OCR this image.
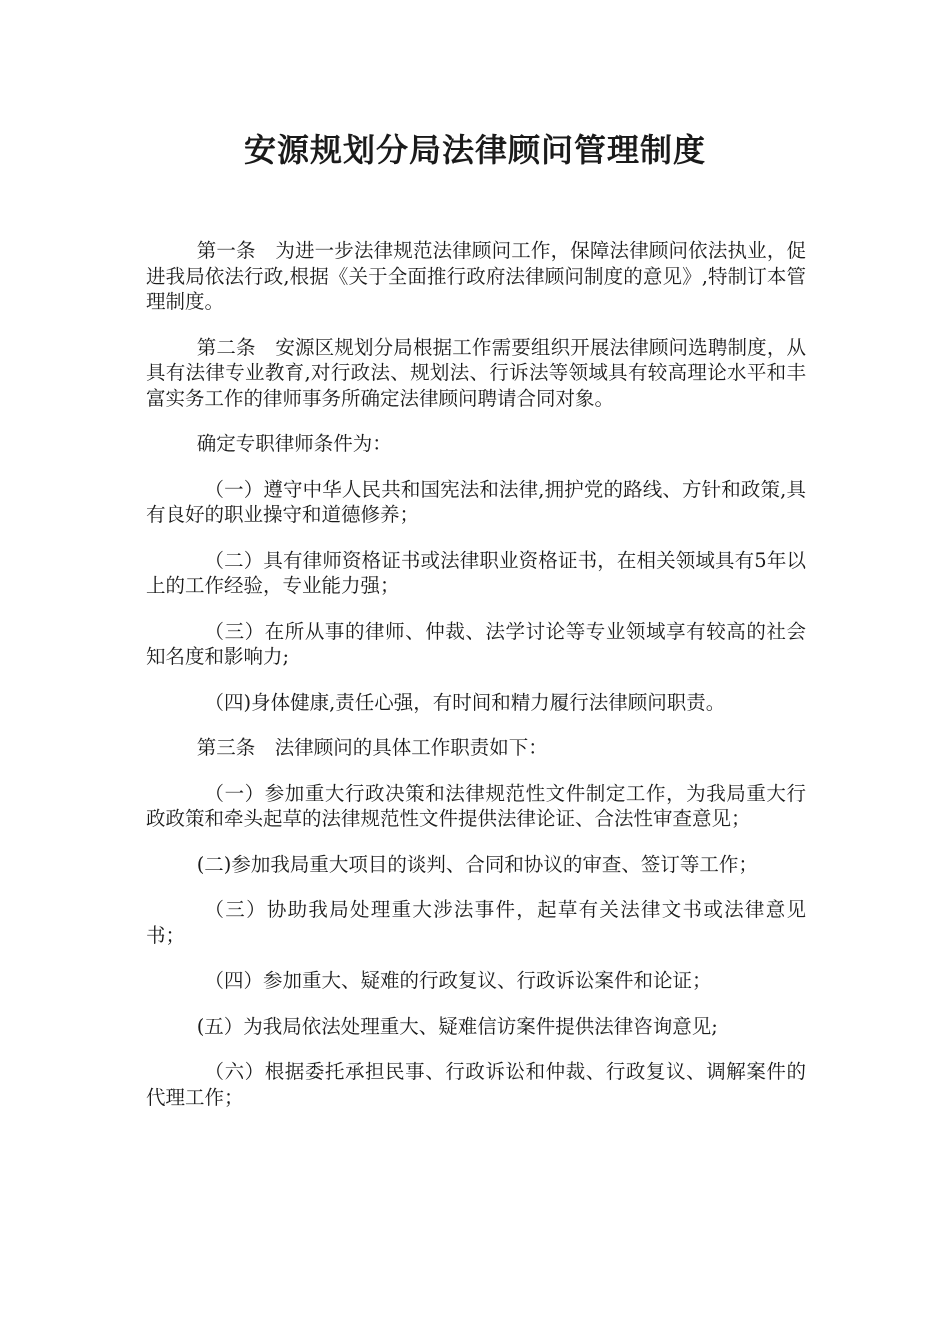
安源规划分局法律顾问管理制度

第一条　为进一步法律规范法律顾问工作，保障法律顾问依法执业，促进我局依法行政,根据《关于全面推行政府法律顾问制度的意见》,特制订本管理制度。

第二条　安源区规划分局根据工作需要组织开展法律顾问选聘制度，从具有法律专业教育,对行政法、规划法、行诉法等领域具有较高理论水平和丰富实务工作的律师事务所确定法律顾问聘请合同对象。

确定专职律师条件为：

（一）遵守中华人民共和国宪法和法律,拥护党的路线、方针和政策,具有良好的职业操守和道德修养；

（二）具有律师资格证书或法律职业资格证书，在相关领域具有5年以上的工作经验，专业能力强；

（三）在所从事的律师、仲裁、法学讨论等专业领域享有较高的社会知名度和影响力;

（四)身体健康,责任心强，有时间和精力履行法律顾问职责。

第三条　法律顾问的具体工作职责如下：

（一）参加重大行政决策和法律规范性文件制定工作，为我局重大行政政策和牵头起草的法律规范性文件提供法律论证、合法性审查意见；

(二)参加我局重大项目的谈判、合同和协议的审查、签订等工作；

（三）协助我局处理重大涉法事件，起草有关法律文书或法律意见书；

（四）参加重大、疑难的行政复议、行政诉讼案件和论证；

(五）为我局依法处理重大、疑难信访案件提供法律咨询意见;

（六）根据委托承担民事、行政诉讼和仲裁、行政复议、调解案件的代理工作；
